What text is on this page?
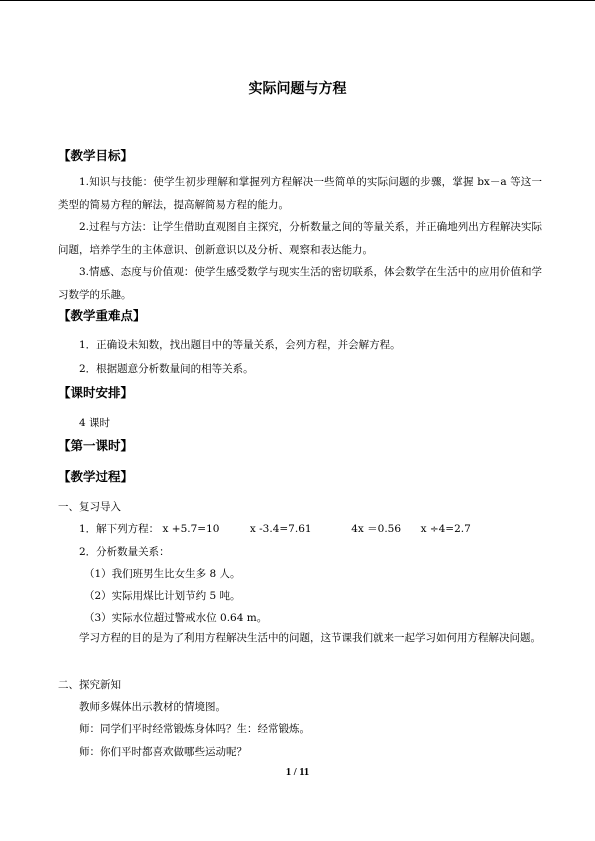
实际问题与方程
【教学目标】
1.知识与技能：使学生初步理解和掌握列方程解决一些简单的实际问题的步骤，掌握 bx－a 等这一类型的简易方程的解法，提高解简易方程的能力。
2.过程与方法：让学生借助直观图自主探究，分析数量之间的等量关系，并正确地列出方程解决实际问题，培养学生的主体意识、创新意识以及分析、观察和表达能力。
3.情感、态度与价值观：使学生感受数学与现实生活的密切联系，体会数学在生活中的应用价值和学习数学的乐趣。
【教学重难点】
1．正确设未知数，找出题目中的等量关系，会列方程，并会解方程。
2．根据题意分析数量间的相等关系。
【课时安排】
4 课时
【第一课时】
【教学过程】
一、复习导入
1．解下列方程： x +5.7=10	x -3.4=7.61	4x ＝0.56 x ÷4=2.7
2．分析数量关系：
（1）我们班男生比女生多 8 人。
（2）实际用煤比计划节约 5 吨。
（3）实际水位超过警戒水位 0.64 m。
学习方程的目的是为了利用方程解决生活中的问题，这节课我们就来一起学习如何用方程解决问题。
二、探究新知
教师多媒体出示教材的情境图。
师：同学们平时经常锻炼身体吗？生：经常锻炼。
师：你们平时都喜欢做哪些运动呢？
1 / 11
